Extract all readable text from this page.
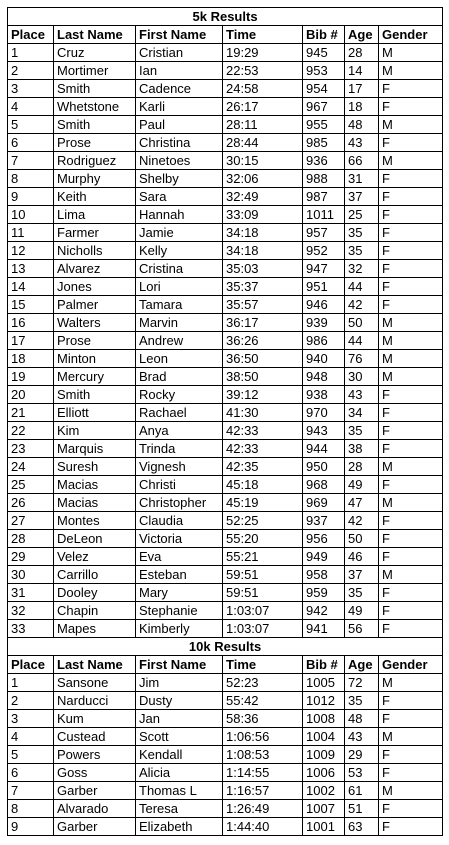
5k Results						
Place	Last Name	First Name	Time	Bib #	Age	Gender
1	Cruz	Cristian	19:29	945	28	M
2	Mortimer	Ian	22:53	953	14	M
3	Smith	Cadence	24:58	954	17	F
4	Whetstone	Karli	26:17	967	18	F
5	Smith	Paul	28:11	955	48	M
6	Prose	Christina	28:44	985	43	F
7	Rodriguez	Ninetoes	30:15	936	66	M
8	Murphy	Shelby	32:06	988	31	F
9	Keith	Sara	32:49	987	37	F
10	Lima	Hannah	33:09	1011	25	F
11	Farmer	Jamie	34:18	957	35	F
12	Nicholls	Kelly	34:18	952	35	F
13	Alvarez	Cristina	35:03	947	32	F
14	Jones	Lori	35:37	951	44	F
15	Palmer	Tamara	35:57	946	42	F
16	Walters	Marvin	36:17	939	50	M
17	Prose	Andrew	36:26	986	44	M
18	Minton	Leon	36:50	940	76	M
19	Mercury	Brad	38:50	948	30	M
20	Smith	Rocky	39:12	938	43	F
21	Elliott	Rachael	41:30	970	34	F
22	Kim	Anya	42:33	943	35	F
23	Marquis	Trinda	42:33	944	38	F
24	Suresh	Vignesh	42:35	950	28	M
25	Macias	Christi	45:18	968	49	F
26	Macias	Christopher	45:19	969	47	M
27	Montes	Claudia	52:25	937	42	F
28	DeLeon	Victoria	55:20	956	50	F
29	Velez	Eva	55:21	949	46	F
30	Carrillo	Esteban	59:51	958	37	M
31	Dooley	Mary	59:51	959	35	F
32	Chapin	Stephanie	1:03:07	942	49	F
33	Mapes	Kimberly	1:03:07	941	56	F
10k Results						
Place	Last Name	First Name	Time	Bib #	Age	Gender
1	Sansone	Jim	52:23	1005	72	M
2	Narducci	Dusty	55:42	1012	35	F
3	Kum	Jan	58:36	1008	48	F
4	Custead	Scott	1:06:56	1004	43	M
5	Powers	Kendall	1:08:53	1009	29	F
6	Goss	Alicia	1:14:55	1006	53	F
7	Garber	Thomas L	1:16:57	1002	61	M
8	Alvarado	Teresa	1:26:49	1007	51	F
9	Garber	Elizabeth	1:44:40	1001	63	F
